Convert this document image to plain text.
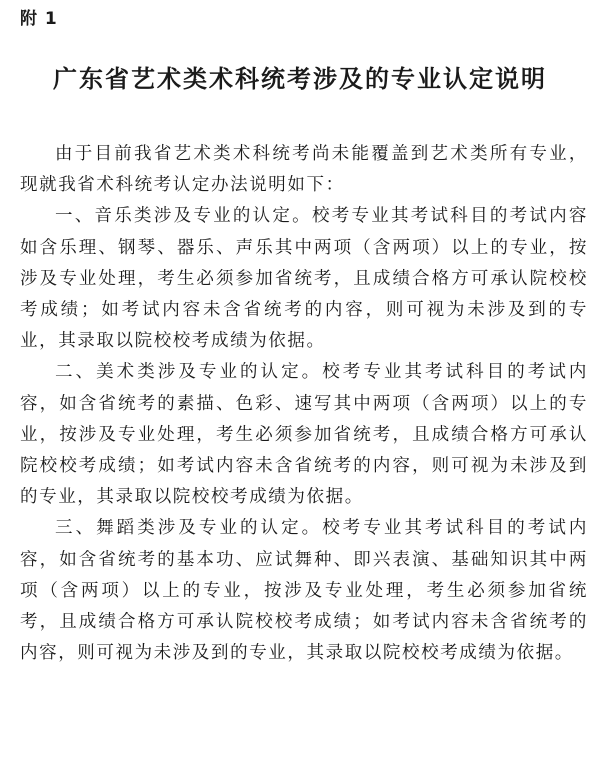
附 1
广东省艺术类术科统考涉及的专业认定说明

由于目前我省艺术类术科统考尚未能覆盖到艺术类所有专业，现就我省术科统考认定办法说明如下：

一、音乐类涉及专业的认定。校考专业其考试科目的考试内容如含乐理、钢琴、器乐、声乐其中两项（含两项）以上的专业，按涉及专业处理，考生必须参加省统考，且成绩合格方可承认院校校考成绩；如考试内容未含省统考的内容，则可视为未涉及到的专业，其录取以院校校考成绩为依据。

二、美术类涉及专业的认定。校考专业其考试科目的考试内容，如含省统考的素描、色彩、速写其中两项（含两项）以上的专业，按涉及专业处理，考生必须参加省统考，且成绩合格方可承认院校校考成绩；如考试内容未含省统考的内容，则可视为未涉及到的专业，其录取以院校校考成绩为依据。

三、舞蹈类涉及专业的认定。校考专业其考试科目的考试内容，如含省统考的基本功、应试舞种、即兴表演、基础知识其中两项（含两项）以上的专业，按涉及专业处理，考生必须参加省统考，且成绩合格方可承认院校校考成绩；如考试内容未含省统考的内容，则可视为未涉及到的专业，其录取以院校校考成绩为依据。
